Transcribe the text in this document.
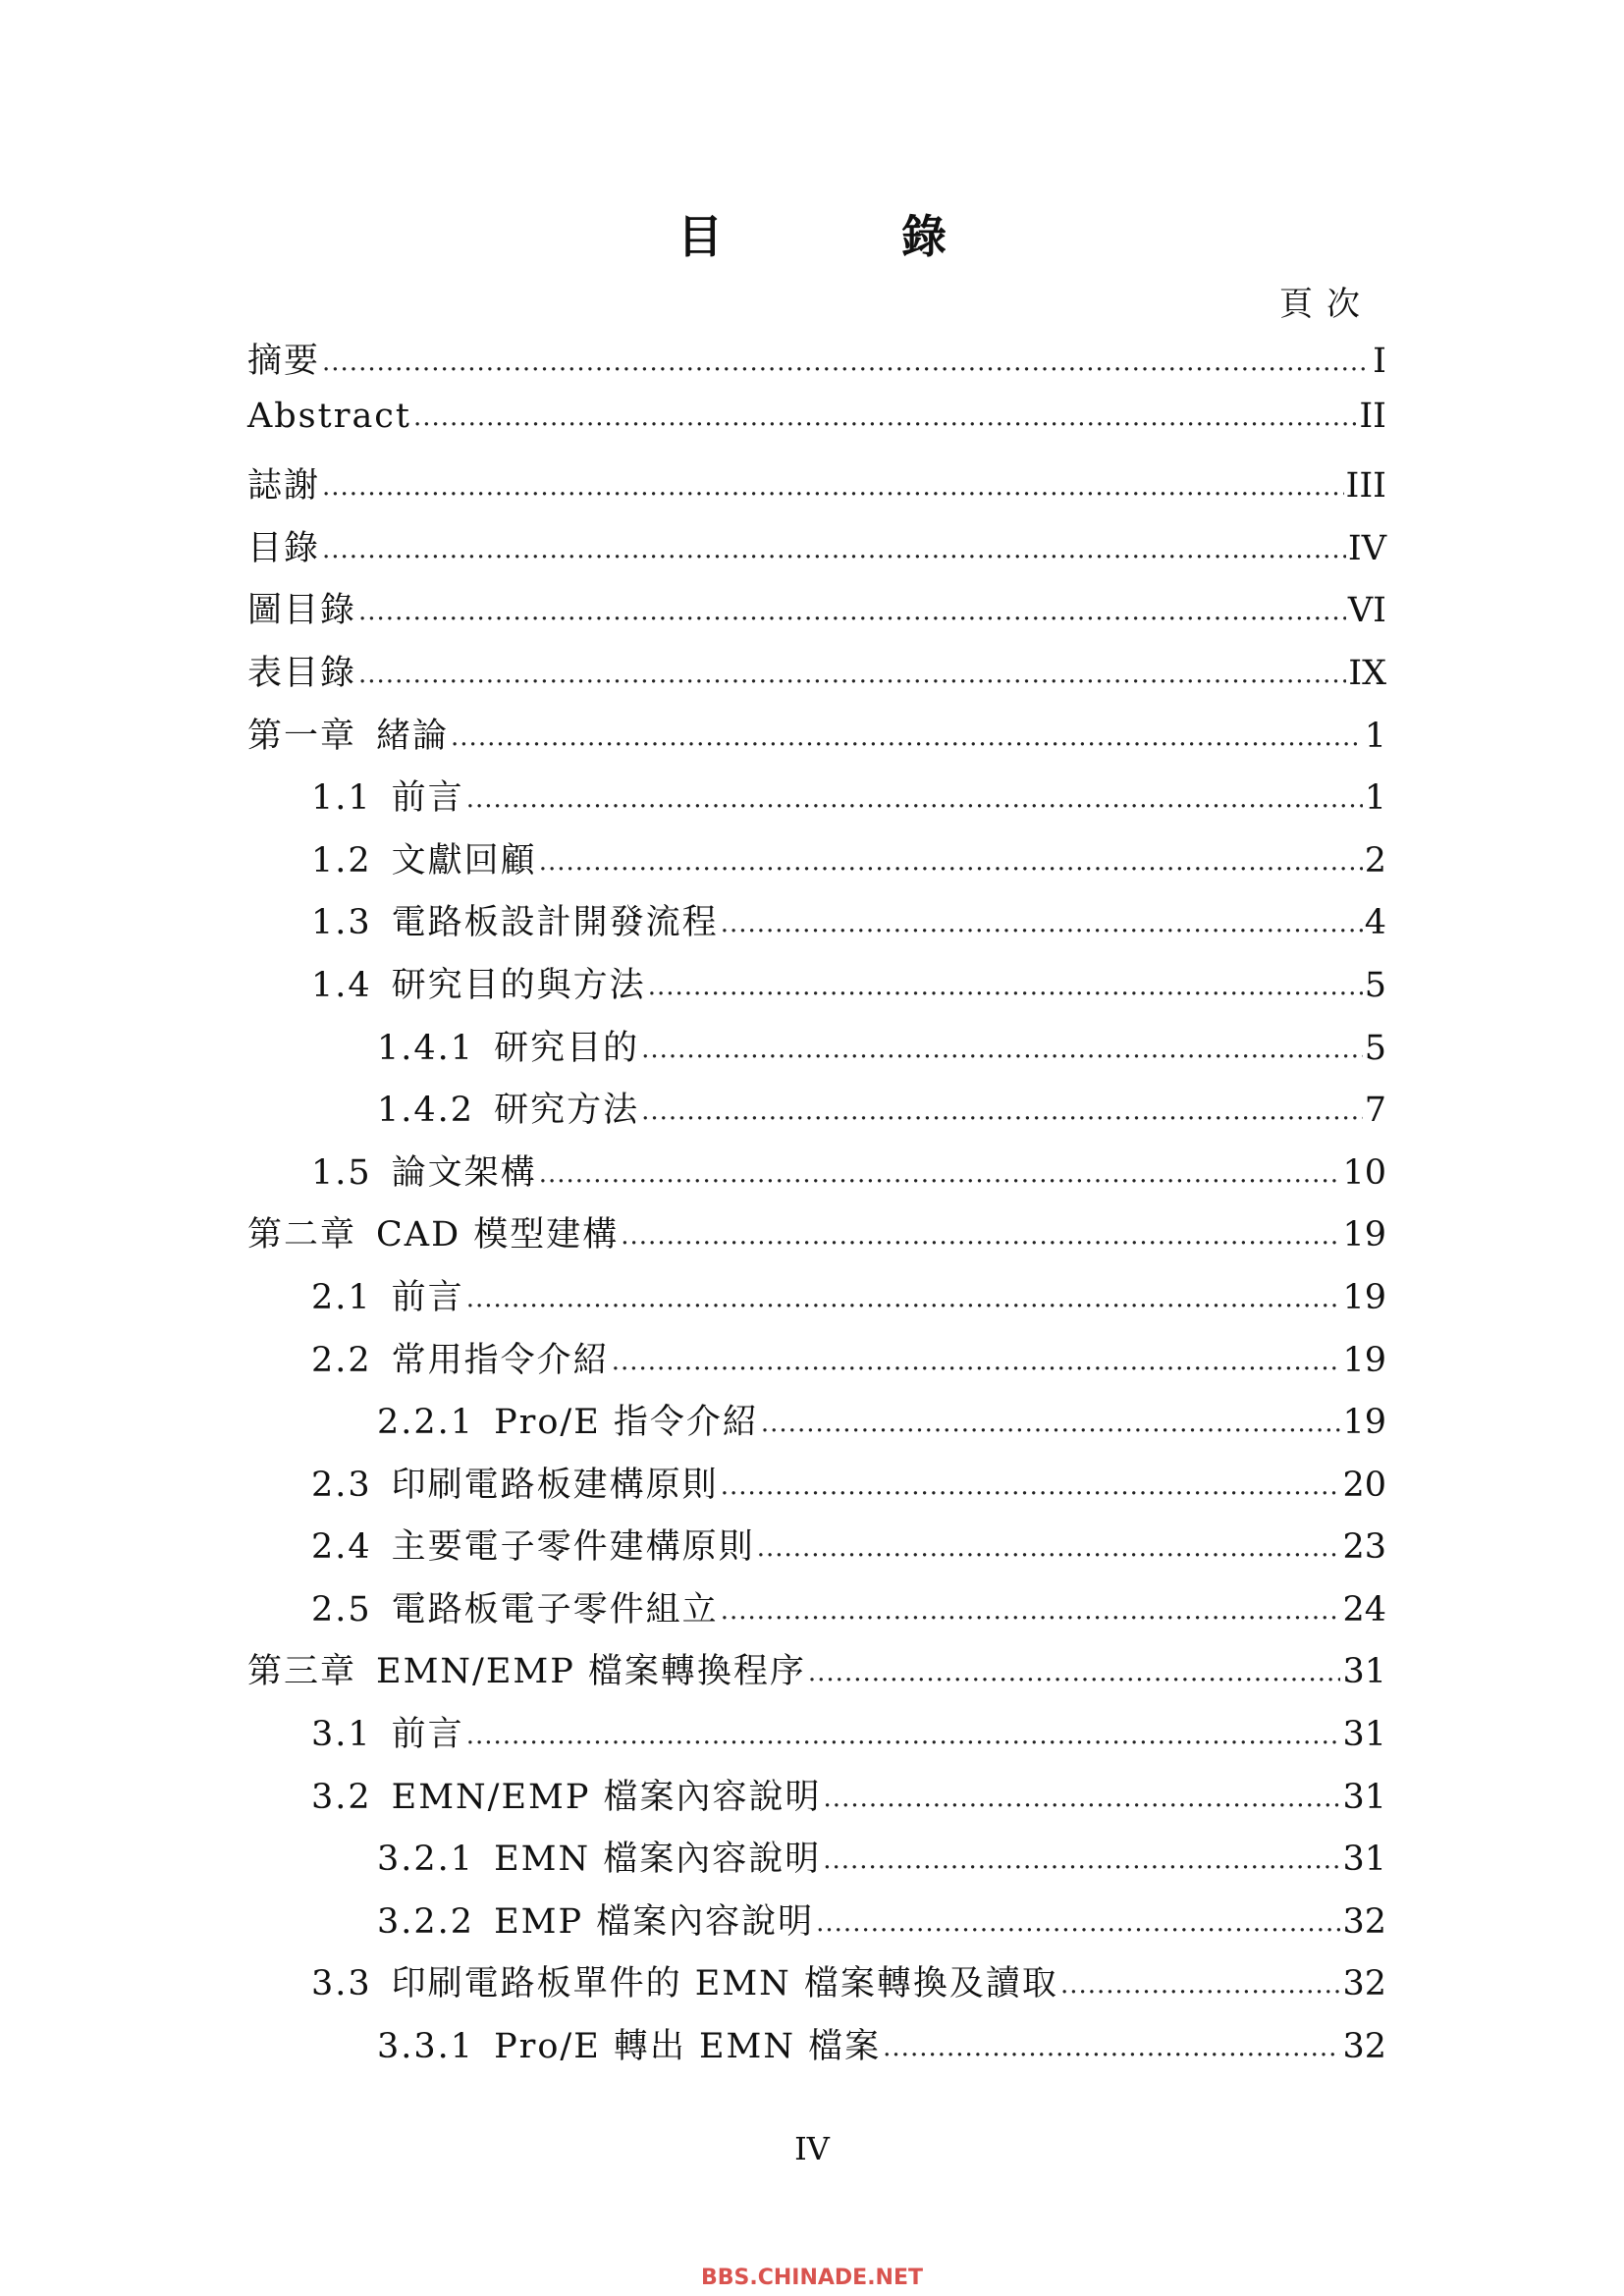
目	錄
頁次
摘要 .....	I
Abstract .....	II
誌謝 .....	III
目錄 .....	IV
圖目錄 .....	VI
表目錄 .....	IX
第一章 緒論 .....	1
1.1 前言 .....	1
1.2 文獻回顧 .....	2
1.3 電路板設計開發流程 .....	4
1.4 研究目的與方法 .....	5
1.4.1 研究目的 .....	5
1.4.2 研究方法 .....	7
1.5 論文架構 .....	10
第二章 CAD 模型建構 .....	19
2.1 前言 .....	19
2.2 常用指令介紹 .....	19
2.2.1 Pro/E 指令介紹 .....	19
2.3 印刷電路板建構原則 .....	20
2.4 主要電子零件建構原則 .....	23
2.5 電路板電子零件組立 .....	24
第三章 EMN/EMP 檔案轉換程序 .....	31
3.1 前言 .....	31
3.2 EMN/EMP 檔案內容說明 .....	31
3.2.1 EMN 檔案內容說明 .....	31
3.2.2 EMP 檔案內容說明 .....	32
3.3 印刷電路板單件的 EMN 檔案轉換及讀取 .....	32
3.3.1 Pro/E 轉出 EMN 檔案 .....	32
IV
BBS.CHINADE.NET
